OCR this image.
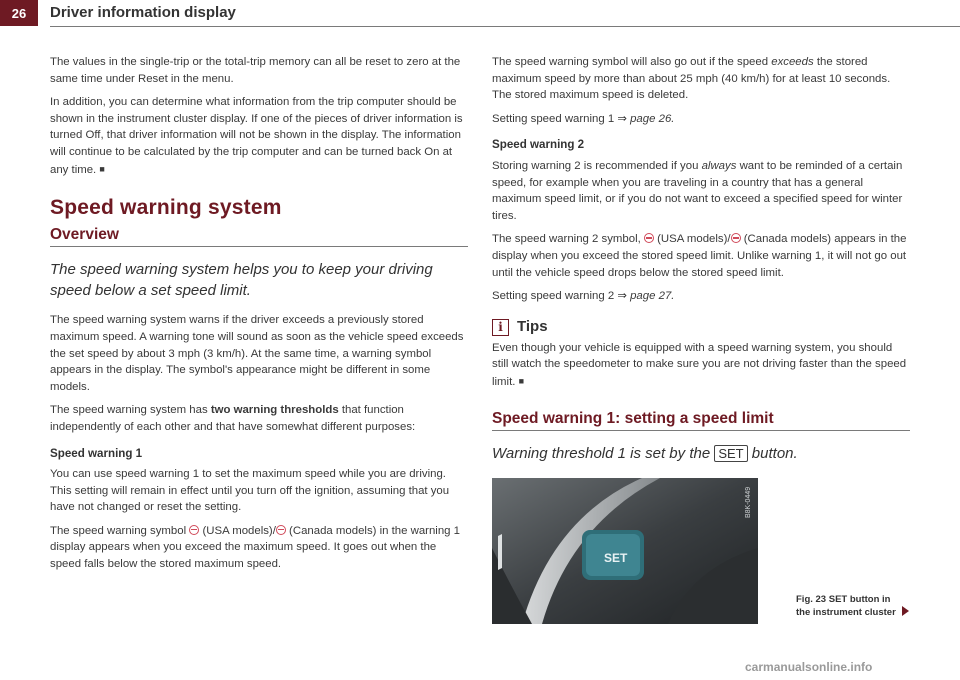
26	Driver information display

The values in the single-trip or the total-trip memory can all be reset to zero at the same time under Reset in the menu.

In addition, you can determine what information from the trip computer should be shown in the instrument cluster display. If one of the pieces of driver information is turned Off, that driver information will not be shown in the display. The information will continue to be calculated by the trip computer and can be turned back On at any time. ■

Speed warning system
Overview
The speed warning system helps you to keep your driving speed below a set speed limit.

The speed warning system warns if the driver exceeds a previously stored maximum speed. A warning tone will sound as soon as the vehicle speed exceeds the set speed by about 3 mph (3 km/h). At the same time, a warning symbol appears in the display. The symbol's appearance might be different in some models.

The speed warning system has two warning thresholds that function independently of each other and that have somewhat different purposes:

Speed warning 1

You can use speed warning 1 to set the maximum speed while you are driving. This setting will remain in effect until you turn off the ignition, assuming that you have not changed or reset the setting.

The speed warning symbol  (USA models)/ (Canada models) in the warning 1 display appears when you exceed the maximum speed. It goes out when the speed falls below the stored maximum speed.

The speed warning symbol will also go out if the speed exceeds the stored maximum speed by more than about 25 mph (40 km/h) for at least 10 seconds. The stored maximum speed is deleted.

Setting speed warning 1 ⇒ page 26.

Speed warning 2

Storing warning 2 is recommended if you always want to be reminded of a certain speed, for example when you are traveling in a country that has a general maximum speed limit, or if you do not want to exceed a specified speed for winter tires.

The speed warning 2 symbol,  (USA models)/ (Canada models) appears in the display when you exceed the stored speed limit. Unlike warning 1, it will not go out until the vehicle speed drops below the stored speed limit.

Setting speed warning 2 ⇒ page 27.

i Tips

Even though your vehicle is equipped with a speed warning system, you should still watch the speedometer to make sure you are not driving faster than the speed limit. ■

Speed warning 1: setting a speed limit
Warning threshold 1 is set by the SET button.
SET
B8K-0449
Fig. 23 SET button in
the instrument cluster
carmanualsonline.info
